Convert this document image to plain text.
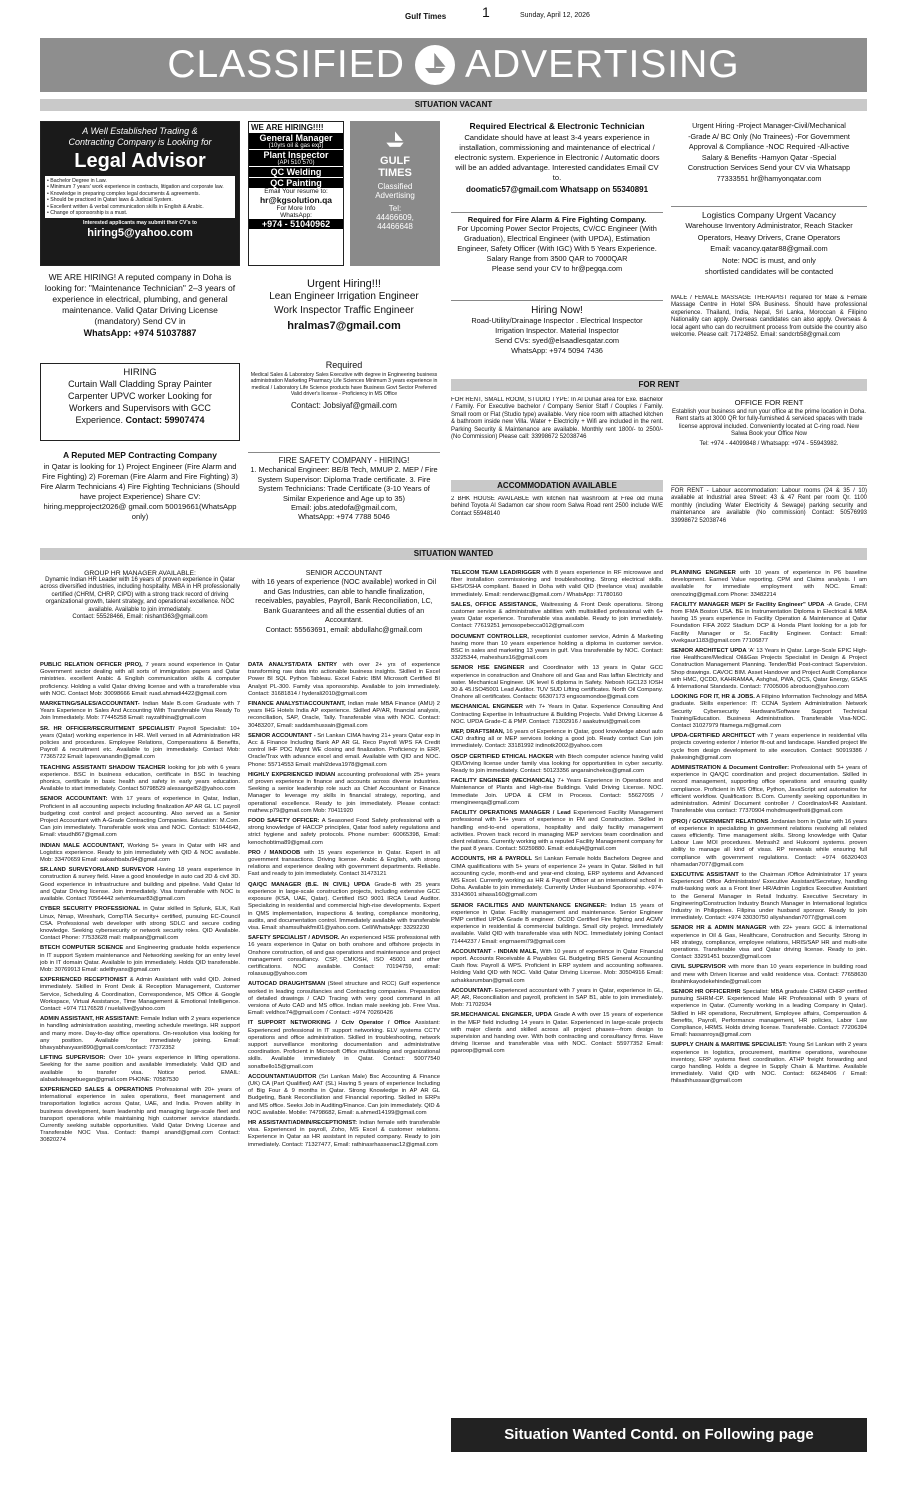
Gulf Times	1	Sunday, April 12, 2026
CLASSIFIED ADVERTISING
SITUATION VACANT
A Well Established Trading &
Contracting Company is Looking for
Legal Advisor
• Bachelor Degree in Law.
• Minimum 7 years' work experience in contracts, litigation and corporate law.
• Knowledge in preparing complex legal documents & agreements.
• Should be practiced in Qatari laws & Judicial System.
• Excellent written & verbal communication skills in English & Arabic.
• Change of sponsorship is a must.
Interested applicants may submit their CV's to
hiring5@yahoo.com
WE ARE HIRING! A reputed company in Doha is looking for: "Maintenance Technician" 2–3 years of experience in electrical, plumbing, and general maintenance. Valid Qatar Driving License (mandatory) Send CV in
WhatsApp: +974 51037887
HIRING
Curtain Wall Cladding Spray Painter
Carpenter UPVC worker Looking for
Workers and Supervisors with GCC
Experience. Contact: 59907474
A Reputed MEP Contracting Company
in Qatar is looking for 1) Project Engineer (Fire Alarm and Fire Fighting) 2) Foreman (Fire Alarm and Fire Fighting) 3) Fire Alarm Technicians 4) Fire Fighting Technicians (Should have project Experience) Share CV: hiring.mepproject2026@ gmail.com 50019661(WhatsApp only)
WE ARE HIRING!!!!
General Manager
(10yrs oil & gas exp)
Plant Inspector
(API 510 570)
QC Welding
QC Painting
Email Your resume to:
hr@kgsolution.qa
For More Info
WhatsApp:
+974 - 51040962
GULF
TIMES
Classified
Advertising
Tel:
44466609,
44466648
Urgent Hiring!!!
Lean Engineer Irrigation Engineer
Work Inspector Traffic Engineer
hralmas7@gmail.com
Required
Medical Sales & Laboratory Sales Executive with degree in Engineering business administration Marketing Pharmacy Life Sciences Minimum 3 years experience in medical / Laboratory Life Science products have Business Govt Sector Preferred Valid driver's license - Proficiency in MS Office
Contact: Jobsiyaf@gmail.com
FIRE SAFETY COMPANY - HIRING!
1. Mechanical Engineer: BE/B Tech, MMUP 2. MEP / Fire System Supervisor: Diploma Trade certificate. 3. Fire System Technicians: Trade Certificate (3-10 Years of Similar Experience and Age up to 35)
Email: jobs.atedofa@gmail.com,
WhatsApp: +974 7788 5046
Required Electrical & Electronic Technician
Candidate should have at least 3-4 years experience in installation, commissioning and maintenance of electrical / electronic system. Experience in Electronic / Automatic doors will be an added advantage. Interested candidates Email CV to.
doomatic57@gmail.com Whatsapp on 55340891
Required for Fire Alarm & Fire Fighting Company.
For Upcoming Power Sector Projects, CV/CC Engineer (With Graduation), Electrical Engineer (with UPDA), Estimation Engineer, Safety Officer (With IGC) With 5 Years Experience. Salary Range from 3500 QAR to 7000QAR
Please send your CV to hr@pegqa.com
Hiring Now!
Road-Utility/Drainage Inspector . Electrical Inspector
Irrigation Inspector. Material Inspector
Send CVs: syed@elsaadlesqatar.com
WhatsApp: +974 5094 7436
Urgent Hiring -Project Manager-Civil/Mechanical
-Grade A/ BC Only (No Trainees) -For Government
Approval & Compliance -NOC Required -All-active
Salary & Benefits -Hamyon Qatar -Special
Construction Services Send your CV via Whatsapp
77333551 hr@hamyonqatar.com
Logistics Company Urgent Vacancy
Warehouse Inventory Administrator, Reach Stacker
Operators, Heavy Drivers, Crane Operators
Email: vacancy.qatar88@gmail.com
Note: NOC is must, and only
shortlisted candidates will be contacted
MALE / FEMALE MASSAGE THERAPIST required for Male & Female Massage Centre in Hotel SPA Business. Should have professional experience. Thailand, India, Nepal, Sri Lanka, Moroccan & Filipino Nationality can apply. Overseas candidates can also apply. Overseas & local agent who can do recruitment process from outside the country also welcome. Please call: 71724852. Email: sandcrb58@gmail.com
FOR RENT
FOR RENT, SMALL ROOM, STUDIO TYPE: In Al Duhail area for Exe. Bachelor / Family. For Executive bachelor / Company Senior Staff / Couples / Family. Small room or Flat (Studio type) available. Very nice room with attached kitchen & bathroom inside new Villa. Water + Electricity + Wifi are included in the rent. Parking Security & Maintenance are available. Monthly rent 1800/- to 2500/- (No Commission) Please call: 33998672 52038746
ACCOMMODATION AVAILABLE
2 BHK HOUSE AVAILABLE with kitchen hall washroom at Free old muna behind Toyota Al Sadamon car show room Salwa Road rent 2500 include W/E Contact 55948140
OFFICE FOR RENT
Establish your business and run your office at the prime location in Doha. Rent starts at 3000 QR for fully-furnished & serviced spaces with trade license approval included. Conveniently located at C-ring road. New Salwa Book your Office Now
Tel: +974 - 44099848 / Whatsapp: +974 - 55943982.
FOR RENT - Labour accommodation: Labour rooms (24 & 35 / 10) available at Industrial area Street: 43 & 47 Rent per room Qr. 1100 monthly (including Water Electricity & Sewage) parking security and maintenance are available (No commission) Contact: 50576993 33998672 52038746
SITUATION WANTED
GROUP HR MANAGER AVAILABLE:
Dynamic Indian HR Leader with 16 years of proven experience in Qatar across diversified industries, including hospitality. MBA in HR professionally certified (CHRM, CHRP, CIPD) with a strong track record of driving organizational growth, talent strategy, and operational excellence. NOC available. Available to join immediately.
Contact: 55528466, Email: nishant363@gmail.com
SENIOR ACCOUNTANT
with 16 years of experience (NOC available) worked in Oil and Gas Industries, can able to handle finalization, receivables, payables, Payroll, Bank Reconciliation, LC, Bank Guarantees and all the essential duties of an Accountant.
Contact: 55563691, email: abdullahc@gmail.com

PUBLIC RELATION OFFICER (PRO), 7 years sound experience in Qatar Government sector dealing with all sorts of immigration papers and Qatar ministries. excellent Arabic & English communication skills & computer proficiency. Holding a valid Qatar driving license and with a transferable visa with NOC. Contact Mob: 30098666 Email: ruad.ahmadi4422@gmail.com

MARKETING/SALES/ACCOUNTANT- Indian Male B.com Graduate with 7 Years Experience in Sales And Accounting With Transferable Visa Ready To Join Immediately. Mob: 77445258 Email: rayzalthina@gmail.com

SR. HR OFFICER/RECRUITMENT SPECIALIST/ Payroll Specialist: 10+ years (Qatar) working experience in HR. Well versed in all Administration HR policies and procedures. Employee Relations, Compensations & Benefits, Payroll & recruitment etc. Available to join immediately. Contact Mob: 77365722 Email: lapesvanandin@gmail.com

TEACHING ASSISTANT/ SHADOW TEACHER looking for job with 6 years experience. BSC in business education, certificate in BSC in teaching phonics, certificate in basic health and safety in early years education. Available to start immediately. Contact 50798529 alessangel52@yahoo.com

SENIOR ACCOUNTANT: With 17 years of experience in Qatar, Indian, Proficient in all accounting aspects including finalization AP AR GL LC payroll budgeting cost control and project accounting. Also served as a Senior Project Accountant with A-Grade Contracting Companies. Education: M.Com. Can join immediately. Transferable work visa and NOC. Contact: 51044642, Email: vtsudh867@gmail.com

INDIAN MALE ACCOUNTANT, Working 5+ years in Qatar with HR and Logistics experience. Ready to join immediately with QID & NOC available. Mob: 33470659 Email: aakashbabu94@gmail.com

SR.LAND SURVEYOR/LAND SURVEYOR Having 18 years experience in construction & survey field. Have a good knowledge in auto cad 2D & civil 3D. Good experience in infrastructure and building and pipeline. Valid Qatar Id and Qatar Driving license. Join immediately. Visa transferable with NOC is available. Contact 70564442 selvmkumar83@gmail.com

CYBER SECURITY PROFESSIONAL in Qatar skilled in Splunk, ELK, Kali Linux, Nmap, Wireshark, CompTIA Security+ certified, pursuing EC-Council CSA. Professional web developer with strong SDLC and secure coding knowledge. Seeking cybersecurity or network security roles. QID Available. Contact Phone: 77533628 mail: mallpsan@gmail.com

BTECH COMPUTER SCIENCE and Engineering graduate holds experience in IT support System maintenance and Networking seeking for an entry level job in IT domain Qatar. Available to join immediately. Holds QID transferable. Mob: 30769913 Email: adelthyans@gmail.com

EXPERIENCED RECEPTIONIST & Admin Assistant with valid QID. Joined immediately. Skilled in Front Desk & Reception Management, Customer Service, Scheduling & Coordination, Correspondence, MS Office & Google Workspace, Virtual Assistance, Time Management & Emotional Intelligence. Contact: +974 71176528 / nuelalive@yahoo.com

ADMIN ASSISTANT, HR ASSISTANT: Female Indian with 2 years experience in handling administration assisting, meeting schedule meetings. HR support and many more. Day-to-day office operations. On-resolution visa looking for any position. Available for immediately joining. Email: bhavyabhavyasri890@gmail.com/contact: 77372352

LIFTING SUPERVISOR: Over 10+ years experience in lifting operations. Seeking for the same position and available immediately. Valid QID and available to transfer visa. Notice period. EMAIL: alabadulwagebuegan@gmail.com PHONE: 70587530

EXPERIENCED SALES & OPERATIONS Professional with 20+ years of international experience in sales operations, fleet management and transportation logistics across Qatar, UAE, and India. Proven ability in business development, team leadership and managing large-scale fleet and transport operations while maintaining high customer service standards. Currently seeking suitable opportunities. Valid Qatar Driving License and Transferable NOC Visa. Contact: thampi anand@gmail.com Contact: 30820274

DATA ANALYST/DATA ENTRY with over 2+ yrs of experience transforming raw data into actionable business insights. Skilled in Excel Power BI SQL Python Tableau. Excel Fabric IBM Microsoft Certified BI Analyst PL-300. Family visa sponsorship. Available to join immediately. Contact: 31681814 / hyderali2010@gmail.com

FINANCE ANALYST/ACCOUNTANT, Indian male MBA Finance (AMU) 2 years IHG Hotels India AP experience. Skilled AP/AR, financial analysis, reconciliation, SAP, Oracle, Tally. Transferable visa with NOC. Contact: 30483207, Email: saddamhussain@gmail.com

SENIOR ACCOUNTANT - Sri Lankan CIMA having 21+ years Qatar exp in Acc & Finance Including Bank AP AR GL Reco Payroll WPS FA Credit control IHF PDC Mgmt WE closing and finalization. Proficiency in ERP, Oracle/Trax with advance excel and email. Available with QID and NOC. Phone: 55714553 Email: mahl2deva1978@gmail.com

HIGHLY EXPERIENCED INDIAN accounting professional with 25+ years of proven experience in finance and accounts across diverse industries. Seeking a senior leadership role such as Chief Accountant or Finance Manager to leverage my skills in financial strategy, reporting, and operational excellence. Ready to join immediately. Please contact: mathew.p79@gmail.com Mob: 70411920

FOOD SAFETY OFFICER: A Seasoned Food Safety professional with a strong knowledge of HACCP principles, Qatar food safety regulations and strict hygiene and safety protocols. Phone number: 60065398, Email: kenochobtima89@gmail.com

PRO / MANDOOB with 15 years experience in Qatar. Expert in all government transactions. Driving license. Arabic & English, with strong relations and experience dealing with government departments. Reliable. Fast and ready to join immediately. Contact 31473121

QA/QC MANAGER (B.E. IN CIVIL) UPDA Grade-B with 25 years experience in large-scale construction projects, including extensive GCC exposure (KSA, UAE, Qatar). Certified ISO 9001 IRCA Lead Auditor. Specializing in residential and commercial high-rise developments. Expert in QMS implementation, inspections & testing, compliance monitoring, audits, and documentation control. Immediately available with transferable visa. Email: shamsulhakfmi01@yahoo.com. Cell/WhatsApp: 33292230

SAFETY SPECIALIST / ADVISOR. An experienced HSE professional with 16 years experience in Qatar on both onshore and offshore projects in Onshore construction, oil and gas operations and maintenance and project management consultancy. CSP, CMIOSH, ISO 45001 and other certifications. NOC available. Contact: 70194759, email: rolasusug@yahoo.com

AUTOCAD DRAUGHTSMAN (Steel structure and RCC) Gulf experience worked in leading consultancies and Contracting companies. Preparation of detailed drawings / CAD Tracing with very good command in all versions of Auto CAD and MS office. Indian male seeking job. Free Visa. Email: veldhos74@gmail.com / Contact: +974 70260426

IT SUPPORT NETWORKING / Cctv Operator / Office Assistant: Experienced professional in IT support networking. ELV systems CCTV operations and office administration. Skilled in troubleshooting, network support surveillance monitoring documentation and administrative coordination. Proficient in Microsoft Office multitasking and organizational skills. Available immediately in Qatar. Contact: 50077540 sonafbello15@gmail.com

ACCOUNTANT/AUDITOR (Sri Lankan Male) Bsc Accounting & Finance (UK) CA (Part Qualified) AAT (SL) Having 5 years of experience Including of Big Four & 9 months in Qatar. Strong Knowledge in AP AR GL Budgeting, Bank Reconciliation and Financial reporting. Skilled in ERPs and MS office. Seeks Job in Auditing/Finance. Can join immediately. QID & NOC available. Mobile: 74798682, Email: a.ahmed14199@gmail.com

HR ASSISTANT/ADMIN/RECEPTIONIST: Indian female with transferable visa. Experienced in payroll, Zoho, MS Excel & customer relations. Experience in Qatar as HR assistant in reputed company. Ready to join immediately. Contact: 71327477, Email: rathinasrhassenac12@gmail.com

TELECOM TEAM LEAD/RIGGER with 8 years experience in RF microwave and fiber installation commissioning and troubleshooting. Strong electrical skills. EHS/OSHA compliant. Based in Doha with valid QID (freelance visa) available immediately. Email: renderwac@gmail.com / WhatsApp: 71780160

SALES, OFFICE ASSISTANCE, Waitressing & Front Desk operations. Strong customer service & administrative abilities with multiskilled professional with 6+ years Qatar experience. Transferable visa available. Ready to join immediately. Contact: 77619251 jemosopebecca012@gmail.com

DOCUMENT CONTROLLER, receptionist customer service, Admin & Marketing having more than 10 years experience holding a diploma in customer service. BSC in sales and marketing 13 years in gulf. Visa transferable by NOC. Contact: 33225344, maheshurs16@gmail.com

SENIOR HSE ENGINEER and Coordinator with 13 years in Qatar GCC experience in construction and Onshore oil and Gas and Ras laffan Electricity and water. Mechanical Engineer. UK level 6 diploma in Safety. Nebosh IGC123 IOSH 30 & 45.ISO45001 Lead Auditor. TUV SUD Lifting certificates. North Oil Company. Onshore all certificates. Contacts: 66307173 engsosmondoe@gmail.com

MECHANICAL ENGINEER with 7+ Years in Qatar. Experience Consulting And Contracting Expertise in Infrastructure & Building Projects. Valid Driving License & NOC. UPDA Grade-C & PMP. Contact: 71302916 / aaakutnut@gmail.com

MEP, DRAFTSMAN, 16 years of Experience in Qatar, good knowledge about auto CAD drafting all or MEP services looking a good job. Ready contact Can join immediately. Contact: 33181992 indinotk2002@yahoo.com

OSCP CERTIFIED ETHICAL HACKER with Btech computer science having valid QID/Driving license under family visa looking for opportunities in cyber security. Ready to join immediately. Contact: 50123356 angarainchekos@gmail.com

FACILITY ENGINEER (MECHANICAL) 7+ Years Experience in Operations and Maintenance of Plants and High-rise Buildings. Valid Driving License. NOC. Immediate Join. UPDA & CFM in Process. Contact: 55627095 / rmengineerqa@gmail.com

FACILITY OPERATIONS MANAGER / Lead Experienced Facility Management professional with 14+ years of experience in FM and Construction. Skilled in handling end-to-end operations, hospitality and daily facility management activities. Proven track record in managing MEP services team coordination and client relations. Currently working with a reputed Facility Management company for the past 8 years. Contact: 50259880. Email: eduiuj4@gmail.com

ACCOUNTS, HR & PAYROLL Sri Lankan Female holds Bachelors Degree and CIMA qualifications with 5+ years of experience 2+ years in Qatar. Skilled in full accounting cycle, month-end and year-end closing, ERP systems and Advanced MS Excel. Currently working as HR & Payroll Officer at an international school in Doha. Available to join immediately. Currently Under Husband Sponsorship. +974-33143601 sihasa160@gmail.com

SENIOR FACILITIES AND MAINTENANCE ENGINEER: Indian 15 years of experience in Qatar. Facility management and maintenance. Senior Engineer PMP certified UPDA Grade B engineer. OCDD Certified Fire fighting and ACMV experience in residential & commercial buildings. Small city project. Immediately available. Valid QID with transferable visa with NOC. Immediately joining Contact 71444237 / Email: engrnaemi79@gmail.com

ACCOUNTANT - INDIAN MALE, With 10 years of experience in Qatar Financial report. Accounts Receivable & Payables GL Budgeting BRS General Accounting Cash flow. Payroll & WPS. Proficient in ERP system and accounting softwares. Holding Valid QID with NOC. Valid Qatar Driving License. Mob: 30504916 Email: azhakkarumban@gmail.com

ACCOUNTANT- Experienced accountant with 7 years in Qatar, experience in GL, AP, AR, Reconciliation and payroll, proficient in SAP B1, able to join immediately. Mob: 71702934

SR.MECHANICAL ENGINEER, UPDA Grade A with over 15 years of experience in the MEP field including 14 years in Qatar. Experienced in large-scale projects with major clients and skilled across all project phases—from design to supervision and handing over. With both contracting and consultancy firms. Have driving license and transferable visa with NOC. Contact: 55977352 Email: pgaroop@gmail.com

PLANNING ENGINEER with 10 years of experience in P6 baseline development. Earned Value reporting. CPM and Claims analysis. I am available for immediate employment with NOC. Email: orenozing@gmail.com Phone: 33482214

FACILITY MANAGER MEP/ Sr Facility Engineer" UPDA -A Grade, CFM from IFMA Boston USA. BE in Instrumentation Diploma in Electrical & MBA having 15 years experience in Facility Operation & Maintenance at Qatar Foundation FIFA 2022 Stadium DCP & Honda Plant looking for a job for Facility Manager or Sr. Facility Engineer. Contact: Email: vivekgaur1183@gmail.com 77106877

SENIOR ARCHITECT UPDA 'A' 13 Years in Qatar. Large-Scale EPIC High-rise Healthcare/Medical Oil&Gas Projects Specialist in Design & Project Construction Management Planning. Tender/Bid Post-contract Supervision. Shop drawings. CAVOC BIM. Asset Handover and Project Audit Compliance with HMC, QCDD, KAHRAMAA, Ashghal, PWA, QCS, Qatar Energy, GSAS & International Standards. Contact: 77005006 abroduon@yahoo.com

LOOKING FOR IT, HR & JOBS. A Filipino Information Technology and MBA graduate. Skills experience: IT: CCNA System Administration Network Security Cybersecurity Hardware/Software Support Technical Training/Education. Business Administration. Transferable Visa-NOC. Contact 31027979 fitamega.m@gmail.com

UPDA-CERTIFIED ARCHITECT with 7 years experience in residential villa projects covering exterior / interior fit-out and landscape. Handled project life cycle from design development to site execution. Contact: 50919386 / jhakesingh@gmail.com

ADMINISTRATION & Document Controller: Professional with 5+ years of experience in QA/QC coordination and project documentation. Skilled in record management, supporting office operations and ensuring quality compliance. Proficient in MS Office, Python, JavaScript and automation for efficient workflow. Qualification: B.Com. Currently seeking opportunities in administration. Admin/ Document controller / Coordinator/HR Assistant. Transferable visa contact: 77370904 mohdmuqeethsiti@gmail.com

(PRO) / GOVERNMENT RELATIONS Jordanian born in Qatar with 16 years of experience in specializing in government relations resolving all related cases efficiently. Time management skills. Strong knowledge with Qatar Labour Law MOI procedures. Metrash2 and Hukoomi systems. proven ability to manage all kind of visas. RP renewals while ensuring full compliance with government regulations. Contact: +974 66320403 nhamadan7077@gmail.com

EXECUTIVE ASSISTANT to the Chairman /Office Administrator 17 years Experienced Office Administrator/ Executive Assistant/Secretary, handling multi-tasking work as a Front liner HR/Admin Logistics Executive Assistant to the General Manager in Retail Industry. Executive Secretary in Engineering/Construction Industry Branch Manager in International logistics Industry in Philippines. Filipina under husband sponsor. Ready to join immediately. Contact: +974 33030750 aliyahandan7077@gmail.com

SENIOR HR & ADMIN MANAGER with 22+ years GCC & international experience in Oil & Gas, Healthcare, Construction and Security. Strong in HR strategy, compliance, employee relations, HRIS/SAP HR and multi-site operations. Transferable visa and Qatar driving license. Ready to join. Contact: 33291451 bozzer@gmail.com

CIVIL SUPERVISOR with more than 10 years experience in building road and mew with Driven license and valid residence visa. Contact: 77658630 ibrahimkayodekehinde@gmail.com

SENIOR HR OFFICER/HR Specialist: MBA graduate CHRM CHRP certified pursuing SHRM-CP. Experienced Male HR Professional with 9 years of experience in Qatar. (Currently working in a leading Company in Qatar). Skilled in HR operations, Recruitment, Employee affairs, Compensation & Benefits, Payroll, Performance management, HR policies, Labor Law Compliance, HRMS. Holds driving license. Transferable. Contact: 77206394 Email: hassanroya@gmail.com

SUPPLY CHAIN & MARITIME SPECIALIST: Young Sri Lankan with 2 years experience in logistics, procurement, maritime operations, warehouse inventory, ERP systems fleet coordination. ATHP freight forwarding and cargo handling. Holds a degree in Supply Chain & Maritime. Available immediately. Valid QID with NOC. Contact: 66248406 / Email: fhilsathhussaar@gmail.com

Situation Wanted Contd. on Following page
